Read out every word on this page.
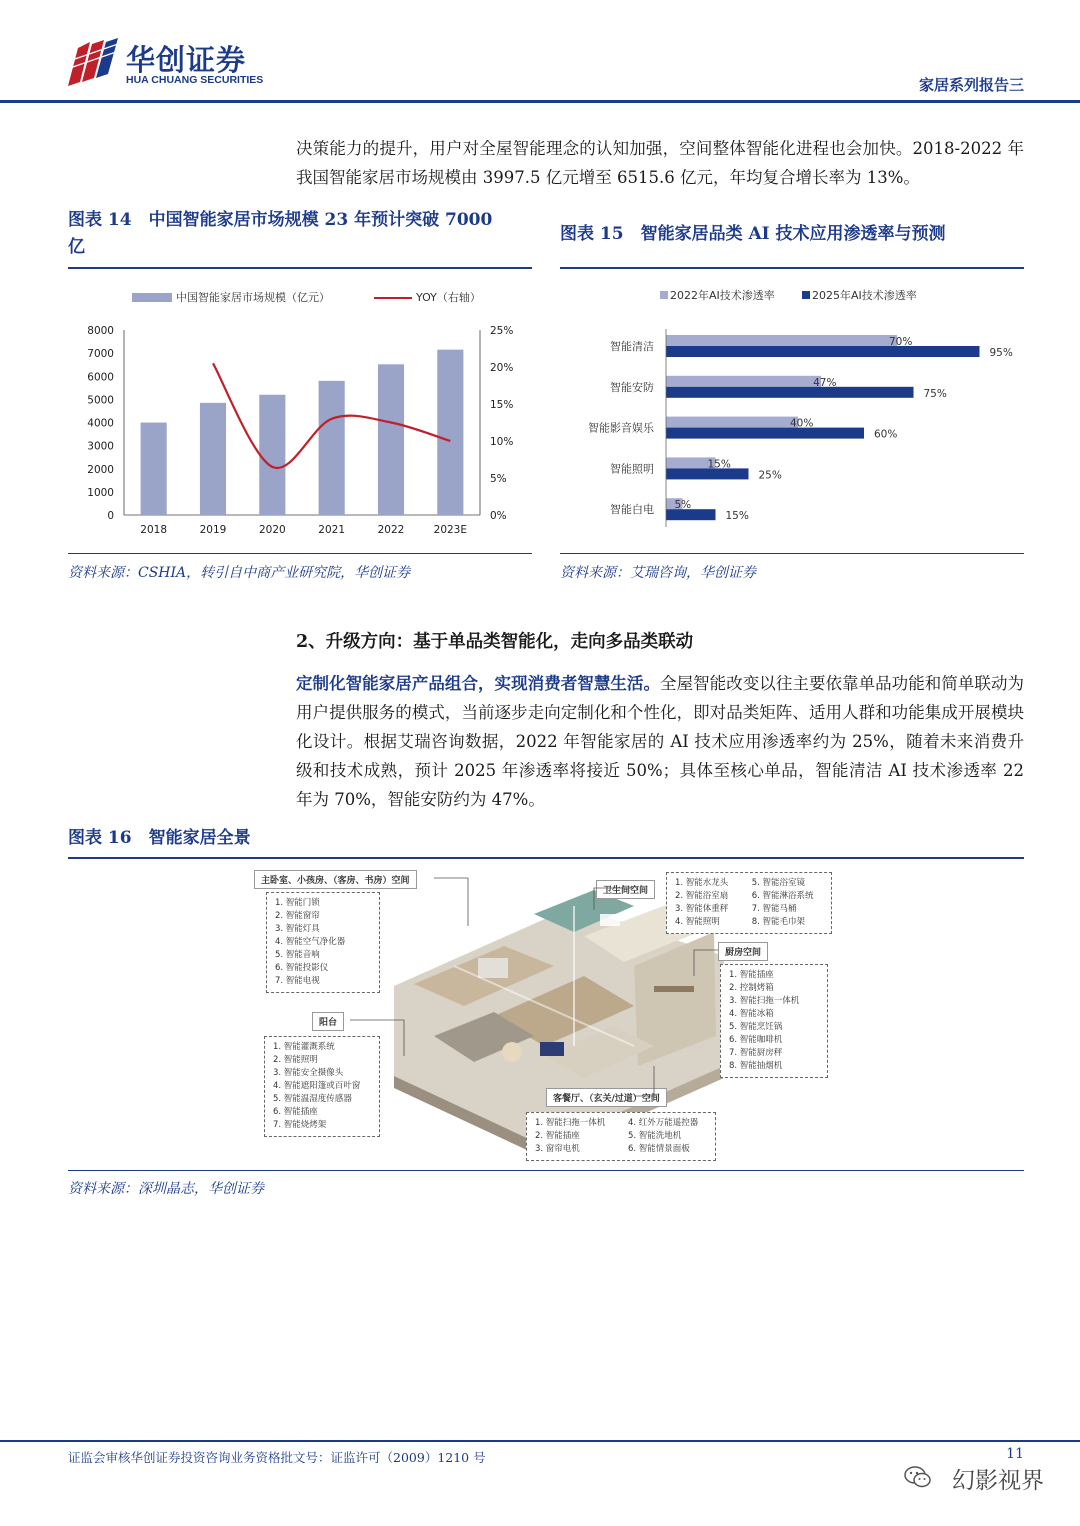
华创证券
HUA CHUANG SECURITIES	家居系列报告三
决策能力的提升，用户对全屋智能理念的认知加强，空间整体智能化进程也会加快。2018-2022 年我国智能家居市场规模由 3997.5 亿元增至 6515.6 亿元，年均复合增长率为 13%。
图表 14　中国智能家居市场规模 23 年预计突破 7000
亿
中国智能家居市场规模（亿元）	YOY（右轴）
0
1000
2000
3000
4000
5000
6000
7000
8000
0%
5%
10%
15%
20%
25%
2018	2019	2020	2021	2022	2023E
资料来源：CSHIA，转引自中商产业研究院，华创证券
图表 15　智能家居品类 AI 技术应用渗透率与预测
2022年AI技术渗透率	2025年AI技术渗透率
70%
95%
智能清洁
47%
75%
智能安防
40%
60%
智能影音娱乐
15%
25%
智能照明
5%
15%
智能白电
资料来源：艾瑞咨询，华创证券
2、升级方向：基于单品类智能化，走向多品类联动
定制化智能家居产品组合，实现消费者智慧生活。全屋智能改变以往主要依靠单品功能和简单联动为用户提供服务的模式，当前逐步走向定制化和个性化，即对品类矩阵、适用人群和功能集成开展模块化设计。根据艾瑞咨询数据，2022 年智能家居的 AI 技术应用渗透率约为 25%，随着未来消费升级和技术成熟，预计 2025 年渗透率将接近 50%；具体至核心单品，智能清洁 AI 技术渗透率 22 年为 70%，智能安防约为 47%。
图表 16　智能家居全景
主卧室、小孩房、（客房、书房）空间
1. 智能门锁
2. 智能窗帘
3. 智能灯具
4. 智能空气净化器
5. 智能音响
6. 智能投影仪
7. 智能电视
卫生间空间
1. 智能水龙头	5. 智能浴室镜
2. 智能浴室扇	6. 智能淋浴系统
3. 智能体重秤	7. 智能马桶
4. 智能照明	8. 智能毛巾架
厨房空间
1. 智能插座
2. 控制烤箱
3. 智能扫拖一体机
4. 智能冰箱
5. 智能烹饪锅
6. 智能咖啡机
7. 智能厨房秤
8. 智能抽烟机
阳台
1. 智能灌溉系统
2. 智能照明
3. 智能安全摄像头
4. 智能遮阳篷或百叶窗
5. 智能温湿度传感器
6. 智能插座
7. 智能烧烤架
客餐厅、（玄关/过道）空间
1. 智能扫拖一体机	4. 红外万能遥控器
2. 智能插座	5. 智能洗地机
3. 窗帘电机	6. 智能情景面板
资料来源：深圳晶志，华创证券
证监会审核华创证券投资咨询业务资格批文号：证监许可（2009）1210 号	11
幻影视界
